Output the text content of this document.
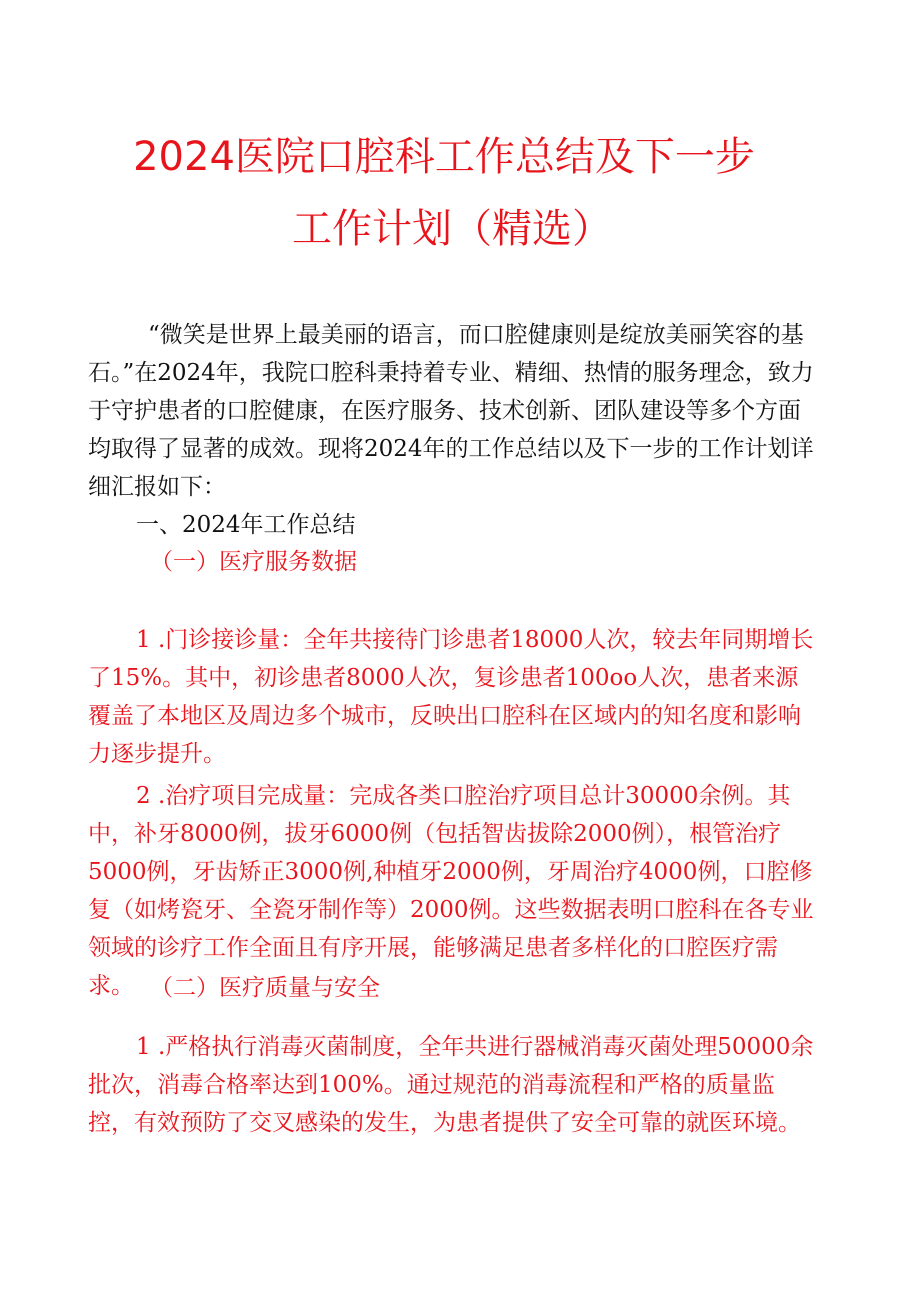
2024医院口腔科工作总结及下一步
工作计划（精选）
“微笑是世界上最美丽的语言，而口腔健康则是绽放美丽笑容的基石。”在2024年，我院口腔科秉持着专业、精细、热情的服务理念，致力于守护患者的口腔健康，在医疗服务、技术创新、团队建设等多个方面均取得了显著的成效。现将2024年的工作总结以及下一步的工作计划详细汇报如下：
一、2024年工作总结
（一）医疗服务数据
1 .门诊接诊量：全年共接待门诊患者18000人次，较去年同期增长了15%。其中，初诊患者8000人次，复诊患者100oo人次，患者来源覆盖了本地区及周边多个城市，反映出口腔科在区域内的知名度和影响力逐步提升。
2 .治疗项目完成量：完成各类口腔治疗项目总计30000余例。其中，补牙8000例，拔牙6000例（包括智齿拔除2000例），根管治疗5000例，牙齿矫正3000例,种植牙2000例，牙周治疗4000例，口腔修复（如烤瓷牙、全瓷牙制作等）2000例。这些数据表明口腔科在各专业领域的诊疗工作全面且有序开展，能够满足患者多样化的口腔医疗需求。 （二）医疗质量与安全
1 .严格执行消毒灭菌制度，全年共进行器械消毒灭菌处理50000余批次，消毒合格率达到100%。通过规范的消毒流程和严格的质量监控，有效预防了交叉感染的发生，为患者提供了安全可靠的就医环境。
